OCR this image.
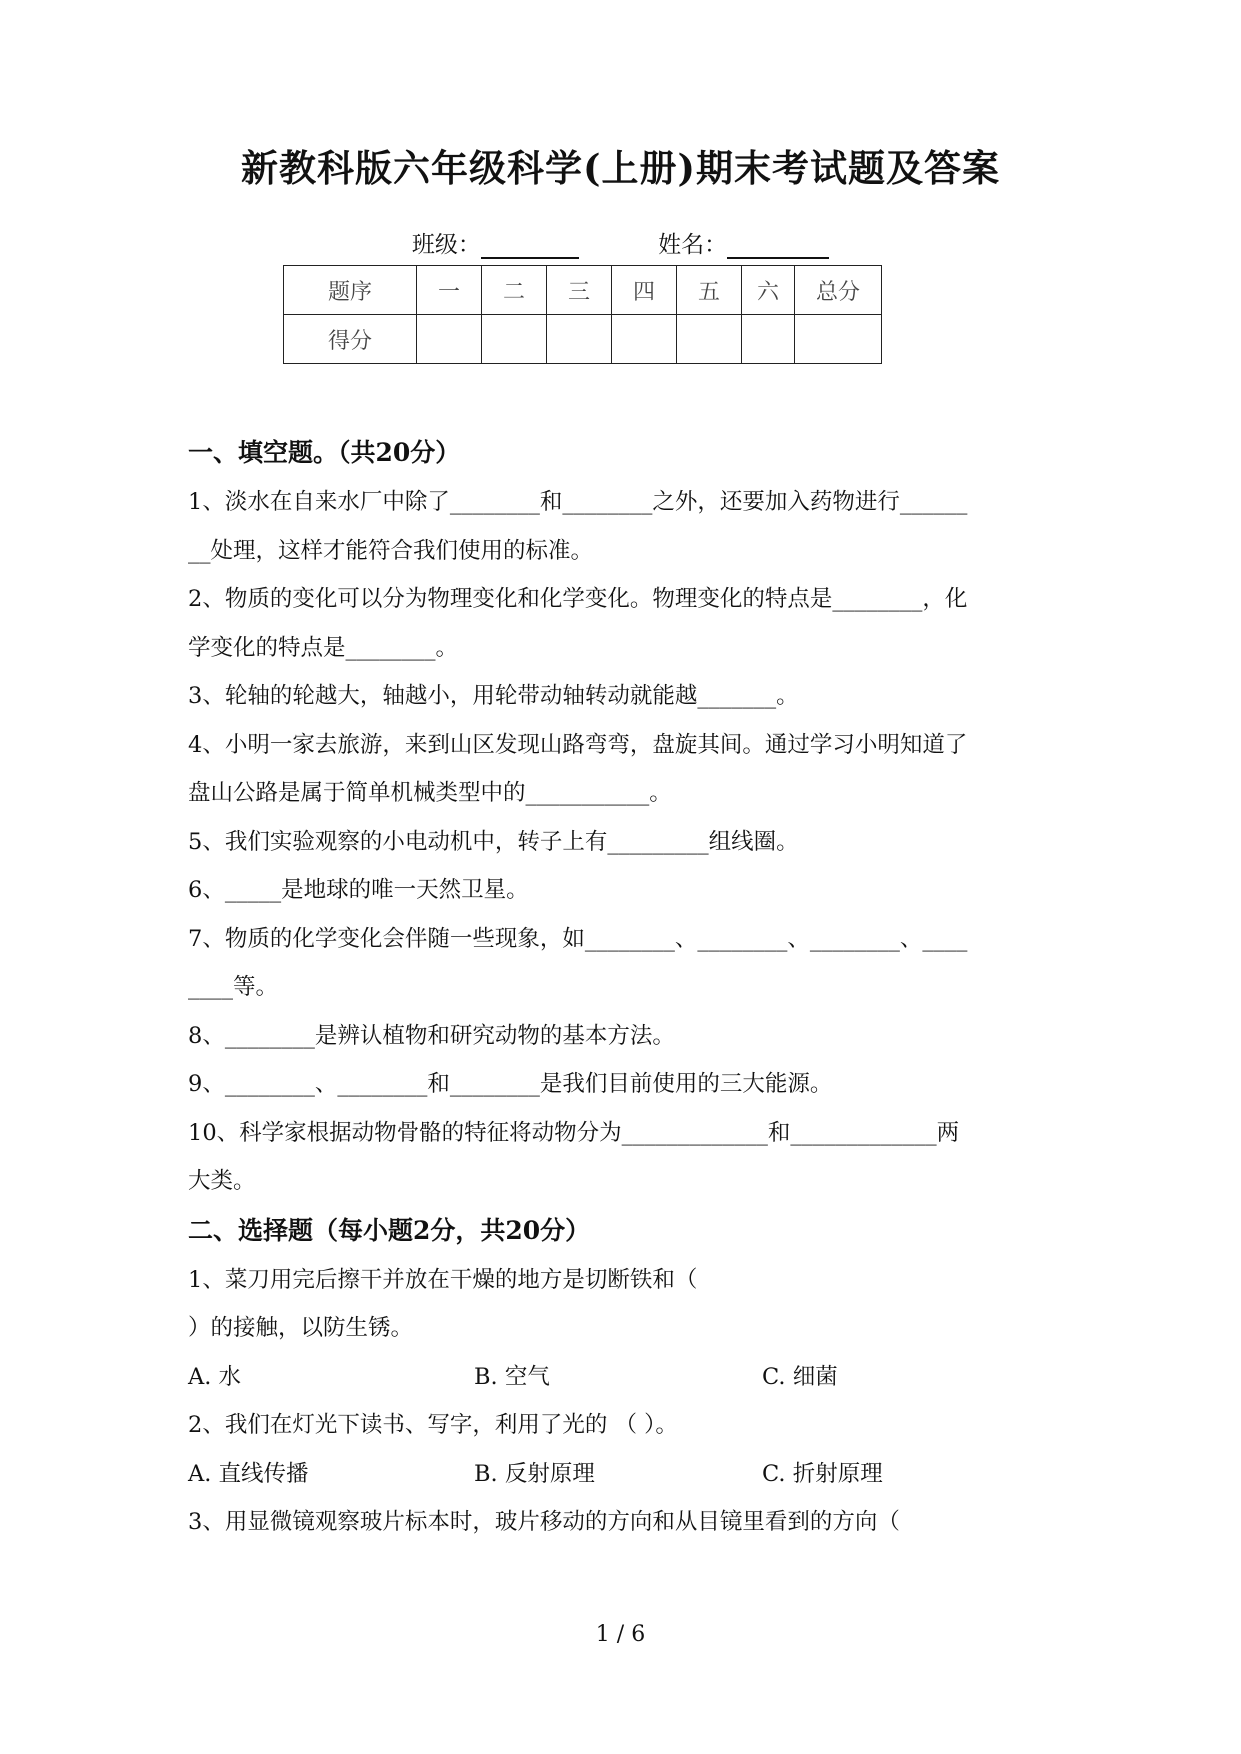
新教科版六年级科学(上册)期末考试题及答案
班级：	姓名：
题序	一	二	三	四	五	六	总分
得分							
一、填空题。（共20分）
1、淡水在自来水厂中除了________和________之外，还要加入药物进行______
__处理，这样才能符合我们使用的标准。
2、物质的变化可以分为物理变化和化学变化。物理变化的特点是________，化
学变化的特点是________。
3、轮轴的轮越大，轴越小，用轮带动轴转动就能越_______。
4、小明一家去旅游，来到山区发现山路弯弯，盘旋其间。通过学习小明知道了
盘山公路是属于简单机械类型中的___________。
5、我们实验观察的小电动机中，转子上有_________组线圈。
6、_____是地球的唯一天然卫星。
7、物质的化学变化会伴随一些现象，如________、________、________、____
____等。
8、________是辨认植物和研究动物的基本方法。
9、________、________和________是我们目前使用的三大能源。
10、科学家根据动物骨骼的特征将动物分为_____________和_____________两
大类。
二、选择题（每小题2分，共20分）
1、菜刀用完后擦干并放在干燥的地方是切断铁和（
）的接触，以防生锈。
A. 水	B. 空气	C. 细菌
2、我们在灯光下读书、写字，利用了光的 （ ）。
A. 直线传播	B. 反射原理	C. 折射原理
3、用显微镜观察玻片标本时，玻片移动的方向和从目镜里看到的方向（
1 / 6
